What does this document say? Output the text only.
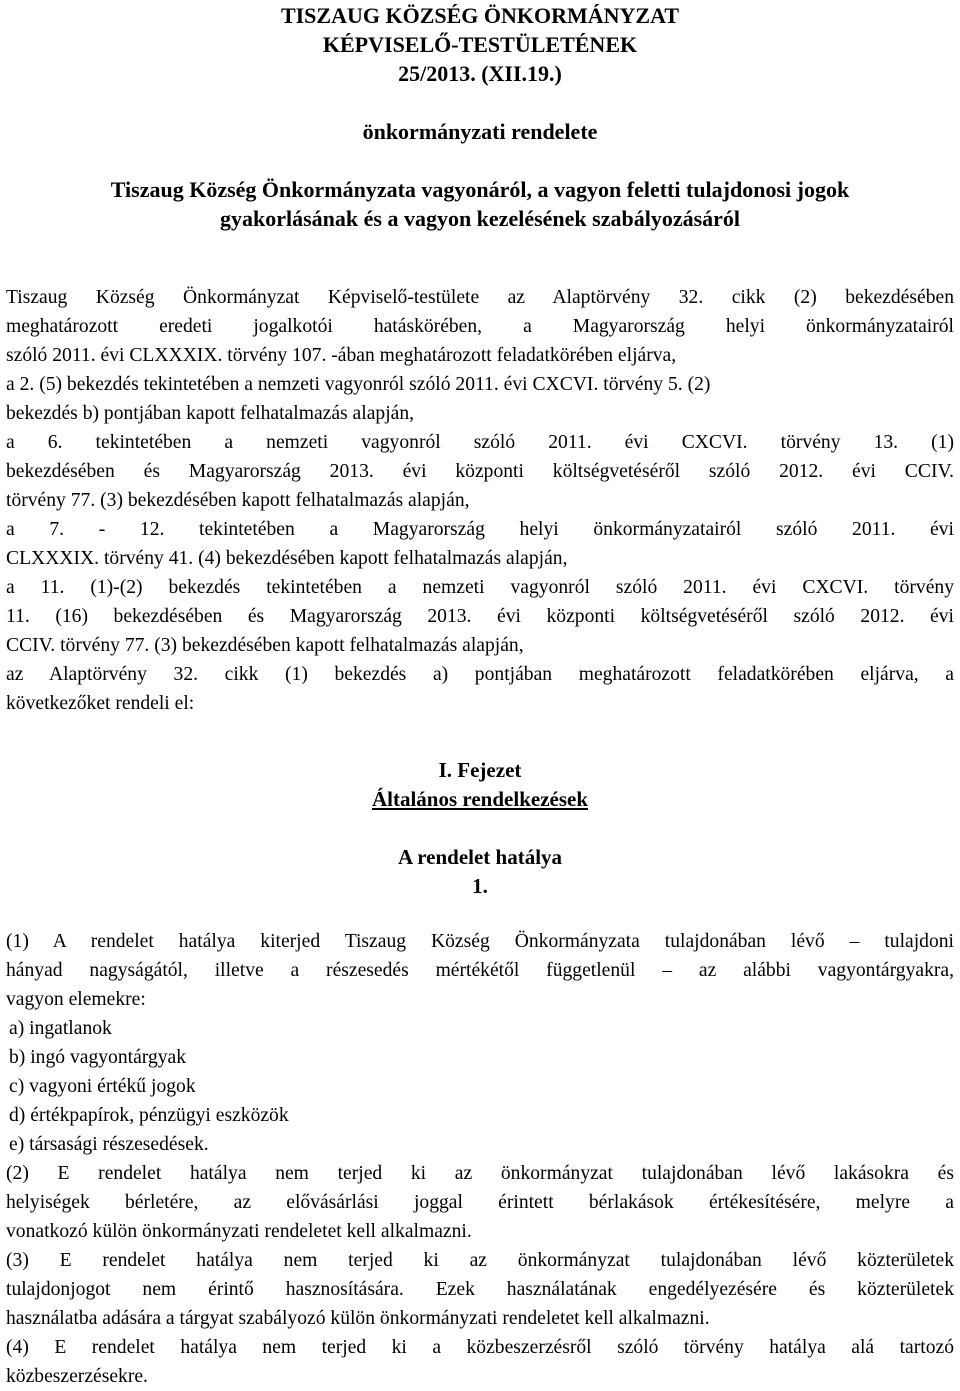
TISZAUG KÖZSÉG ÖNKORMÁNYZAT
KÉPVISELŐ-TESTÜLETÉNEK
25/2013. (XII.19.)
önkormányzati rendelete
Tiszaug Község Önkormányzata vagyonáról, a vagyon feletti tulajdonosi jogok
gyakorlásának és a vagyon kezelésének szabályozásáról
Tiszaug Község Önkormányzat Képviselő-testülete az Alaptörvény 32. cikk (2) bekezdésében
meghatározott eredeti jogalkotói hatáskörében, a Magyarország helyi önkormányzatairól
szóló 2011. évi CLXXXIX. törvény 107. -ában meghatározott feladatkörében eljárva,
a 2. (5) bekezdés tekintetében a nemzeti vagyonról szóló 2011. évi CXCVI. törvény 5. (2)
bekezdés b) pontjában kapott felhatalmazás alapján,
a 6. tekintetében a nemzeti vagyonról szóló 2011. évi CXCVI. törvény 13. (1)
bekezdésében és Magyarország 2013. évi központi költségvetéséről szóló 2012. évi CCIV.
törvény 77. (3) bekezdésében kapott felhatalmazás alapján,
a 7. - 12. tekintetében a Magyarország helyi önkormányzatairól szóló 2011. évi
CLXXXIX. törvény 41. (4) bekezdésében kapott felhatalmazás alapján,
a 11. (1)-(2) bekezdés tekintetében a nemzeti vagyonról szóló 2011. évi CXCVI. törvény
11. (16) bekezdésében és Magyarország 2013. évi központi költségvetéséről szóló 2012. évi
CCIV. törvény 77. (3) bekezdésében kapott felhatalmazás alapján,
az Alaptörvény 32. cikk (1) bekezdés a) pontjában meghatározott feladatkörében eljárva, a
következőket rendeli el:
I. Fejezet
Általános rendelkezések
A rendelet hatálya
1.
(1) A rendelet hatálya kiterjed Tiszaug Község Önkormányzata tulajdonában lévő – tulajdoni
hányad nagyságától, illetve a részesedés mértékétől függetlenül – az alábbi vagyontárgyakra,
vagyon elemekre:
a) ingatlanok
b) ingó vagyontárgyak
c) vagyoni értékű jogok
d) értékpapírok, pénzügyi eszközök
e) társasági részesedések.
(2) E rendelet hatálya nem terjed ki az önkormányzat tulajdonában lévő lakásokra és
helyiségek bérletére, az elővásárlási joggal érintett bérlakások értékesítésére, melyre a
vonatkozó külön önkormányzati rendeletet kell alkalmazni.
(3) E rendelet hatálya nem terjed ki az önkormányzat tulajdonában lévő közterületek
tulajdonjogot nem érintő hasznosítására. Ezek használatának engedélyezésére és közterületek
használatba adására a tárgyat szabályozó külön önkormányzati rendeletet kell alkalmazni.
(4) E rendelet hatálya nem terjed ki a közbeszerzésről szóló törvény hatálya alá tartozó
közbeszerzésekre.
